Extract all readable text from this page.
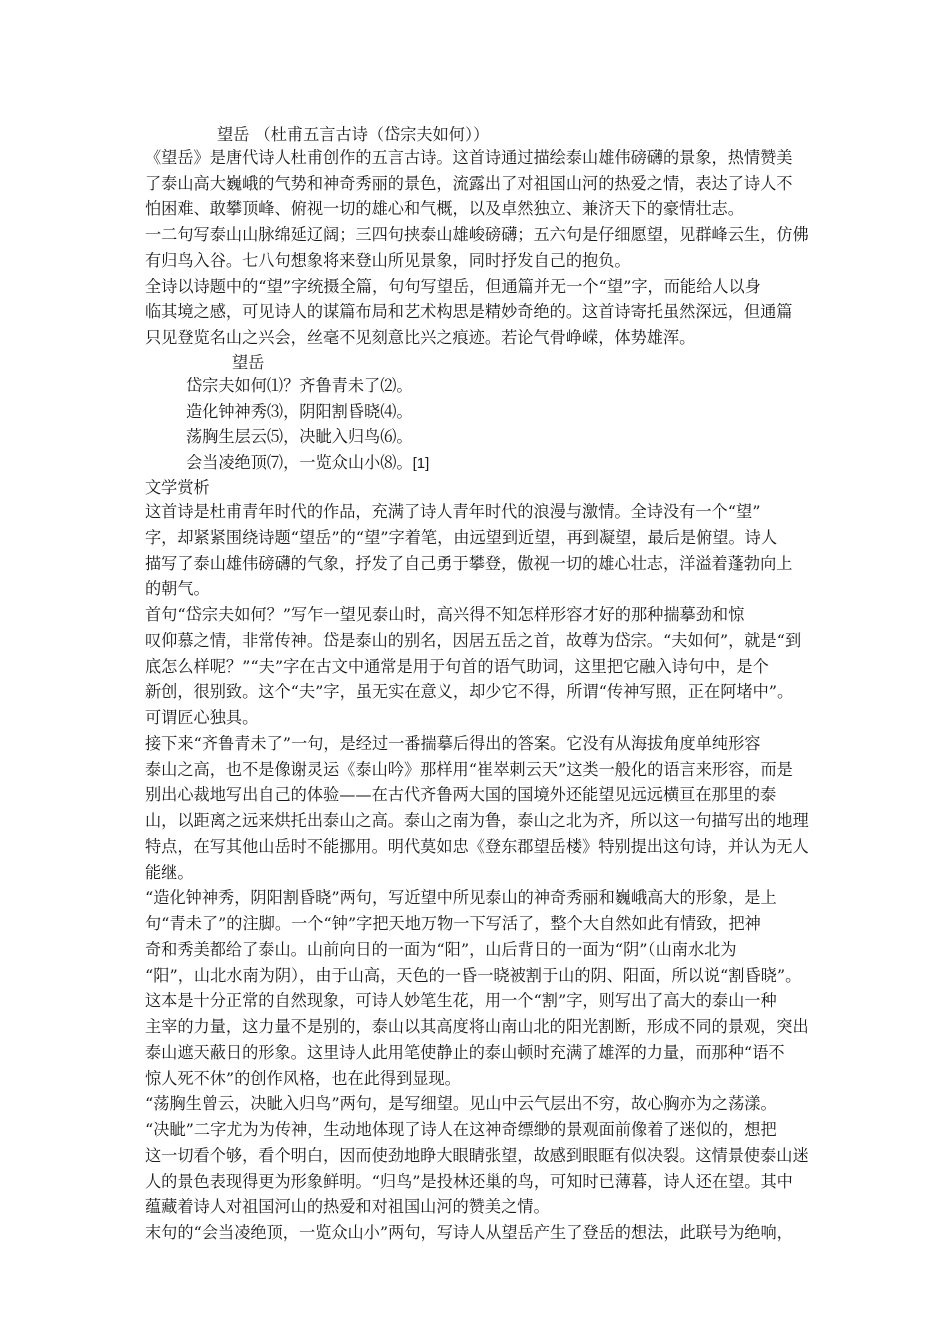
望岳 （杜甫五言古诗（岱宗夫如何））
《望岳》是唐代诗人杜甫创作的五言古诗。这首诗通过描绘泰山雄伟磅礴的景象，热情赞美
了泰山高大巍峨的气势和神奇秀丽的景色，流露出了对祖国山河的热爱之情，表达了诗人不
怕困难、敢攀顶峰、俯视一切的雄心和气概，以及卓然独立、兼济天下的豪情壮志。
一二句写泰山山脉绵延辽阔；三四句挟泰山雄峻磅礴；五六句是仔细愿望，见群峰云生，仿佛
有归鸟入谷。七八句想象将来登山所见景象，同时抒发自己的抱负。
全诗以诗题中的“望”字统摄全篇，句句写望岳，但通篇并无一个“望”字，而能给人以身
临其境之感，可见诗人的谋篇布局和艺术构思是精妙奇绝的。这首诗寄托虽然深远，但通篇
只见登览名山之兴会，丝毫不见刻意比兴之痕迹。若论气骨峥嵘，体势雄浑。
望岳
岱宗夫如何⑴？齐鲁青未了⑵。
造化钟神秀⑶，阴阳割昏晓⑷。
荡胸生层云⑸，决眦入归鸟⑹。
会当凌绝顶⑺，一览众山小⑻。[1]
文学赏析
这首诗是杜甫青年时代的作品，充满了诗人青年时代的浪漫与激情。全诗没有一个“望”
字，却紧紧围绕诗题“望岳”的“望”字着笔，由远望到近望，再到凝望，最后是俯望。诗人
描写了泰山雄伟磅礴的气象，抒发了自己勇于攀登，傲视一切的雄心壮志，洋溢着蓬勃向上
的朝气。
首句“岱宗夫如何？”写乍一望见泰山时，高兴得不知怎样形容才好的那种揣摹劲和惊
叹仰慕之情，非常传神。岱是泰山的别名，因居五岳之首，故尊为岱宗。“夫如何”，就是“到
底怎么样呢？”“夫”字在古文中通常是用于句首的语气助词，这里把它融入诗句中，是个
新创，很别致。这个“夫”字，虽无实在意义，却少它不得，所谓“传神写照，正在阿堵中”。
可谓匠心独具。
接下来“齐鲁青未了”一句，是经过一番揣摹后得出的答案。它没有从海拔角度单纯形容
泰山之高，也不是像谢灵运《泰山吟》那样用“崔崒刺云天”这类一般化的语言来形容，而是
别出心裁地写出自己的体验——在古代齐鲁两大国的国境外还能望见远远横亘在那里的泰
山，以距离之远来烘托出泰山之高。泰山之南为鲁，泰山之北为齐，所以这一句描写出的地理
特点，在写其他山岳时不能挪用。明代莫如忠《登东郡望岳楼》特别提出这句诗，并认为无人
能继。
“造化钟神秀，阴阳割昏晓”两句，写近望中所见泰山的神奇秀丽和巍峨高大的形象，是上
句“青未了”的注脚。一个“钟”字把天地万物一下写活了，整个大自然如此有情致，把神
奇和秀美都给了泰山。山前向日的一面为“阳”，山后背日的一面为“阴”（山南水北为
“阳”，山北水南为阴），由于山高，天色的一昏一晓被割于山的阴、阳面，所以说“割昏晓”。
这本是十分正常的自然现象，可诗人妙笔生花，用一个“割”字，则写出了高大的泰山一种
主宰的力量，这力量不是别的，泰山以其高度将山南山北的阳光割断，形成不同的景观，突出
泰山遮天蔽日的形象。这里诗人此用笔使静止的泰山顿时充满了雄浑的力量，而那种“语不
惊人死不休”的创作风格，也在此得到显现。
“荡胸生曾云，决眦入归鸟”两句，是写细望。见山中云气层出不穷，故心胸亦为之荡漾。
“决眦”二字尤为为传神，生动地体现了诗人在这神奇缥缈的景观面前像着了迷似的，想把
这一切看个够，看个明白，因而使劲地睁大眼睛张望，故感到眼眶有似决裂。这情景使泰山迷
人的景色表现得更为形象鲜明。“归鸟”是投林还巢的鸟，可知时已薄暮，诗人还在望。其中
蕴藏着诗人对祖国河山的热爱和对祖国山河的赞美之情。
末句的“会当凌绝顶，一览众山小”两句，写诗人从望岳产生了登岳的想法，此联号为绝响，
